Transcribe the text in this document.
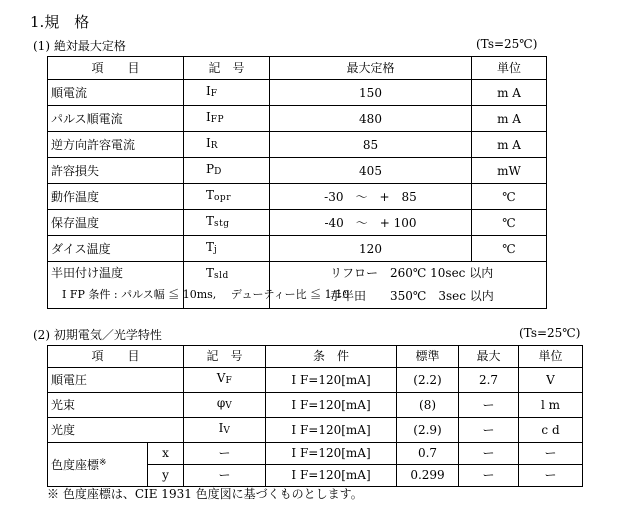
1.規　格
(1) 絶対最大定格	(Ts=25℃)
項　　目	記　号	最大定格	単位
順電流	IF	150	m A
パルス順電流	IFP	480	m A
逆方向許容電流	IR	85	m A
許容損失	PD	405	mW
動作温度	Topr	-30　～　+　85	℃
保存温度	Tstg	-40　～　+ 100	℃
ダイス温度	Tj	120	℃
半田付け温度	Tsld	リフロー　260℃ 10sec 以内
手半田　　350℃　3sec 以内	
I FP 条件 : パルス幅 ≦ 10ms,　 デューティー比 ≦ 1/10
(2) 初期電気／光学特性	(Ts=25℃)
項　　目		記　号	条　件	標準	最大	単位
順電圧		VF	I F=120[mA]	(2.2)	2.7	V
光束		φV	I F=120[mA]	(8)	ー	l m
光度		IV	I F=120[mA]	(2.9)	ー	c d
色度座標※	x	ー	I F=120[mA]	0.7	ー	ー
	y	ー	I F=120[mA]	0.299	ー	ー
※ 色度座標は、CIE 1931 色度図に基づくものとします。
